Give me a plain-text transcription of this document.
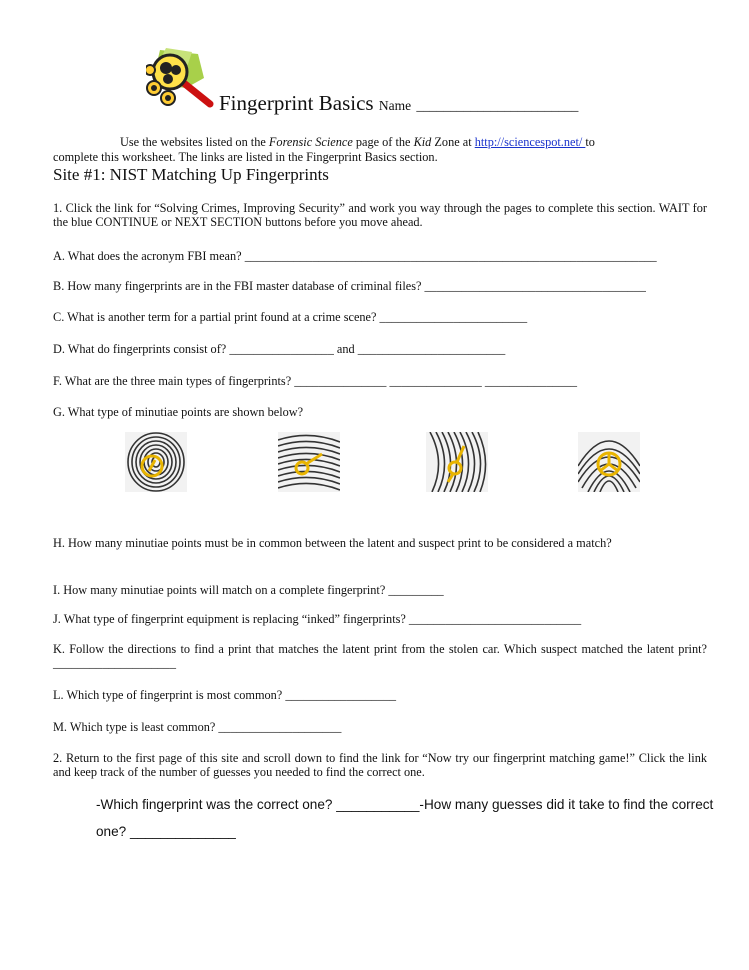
Fingerprint Basics Name ________________________
Use the websites listed on the Forensic Science page of the Kid Zone at http://sciencespot.net/ to
complete this worksheet. The links are listed in the Fingerprint Basics section.
Site #1: NIST Matching Up Fingerprints
1. Click the link for “Solving Crimes, Improving Security” and work you way through the pages to complete this section. WAIT for the blue CONTINUE or NEXT SECTION buttons before you move ahead.
A. What does the acronym FBI mean? ___________________________________________________________________
B. How many fingerprints are in the FBI master database of criminal files? ____________________________________
C. What is another term for a partial print found at a crime scene? ________________________
D. What do fingerprints consist of? _________________ and ________________________
F. What are the three main types of fingerprints? _______________ _______________ _______________
G. What type of minutiae points are shown below?
H. How many minutiae points must be in common between the latent and suspect print to be considered a match?
I. How many minutiae points will match on a complete fingerprint? _________
J. What type of fingerprint equipment is replacing “inked” fingerprints? ____________________________
K. Follow the directions to find a print that matches the latent print from the stolen car. Which suspect matched the latent print? ____________________
L. Which type of fingerprint is most common? __________________
M. Which type is least common? ____________________
2. Return to the first page of this site and scroll down to find the link for “Now try our fingerprint matching game!” Click the link and keep track of the number of guesses you needed to find the correct one.
-Which fingerprint was the correct one? ___________-How many guesses did it take to find the correct
one? ______________
